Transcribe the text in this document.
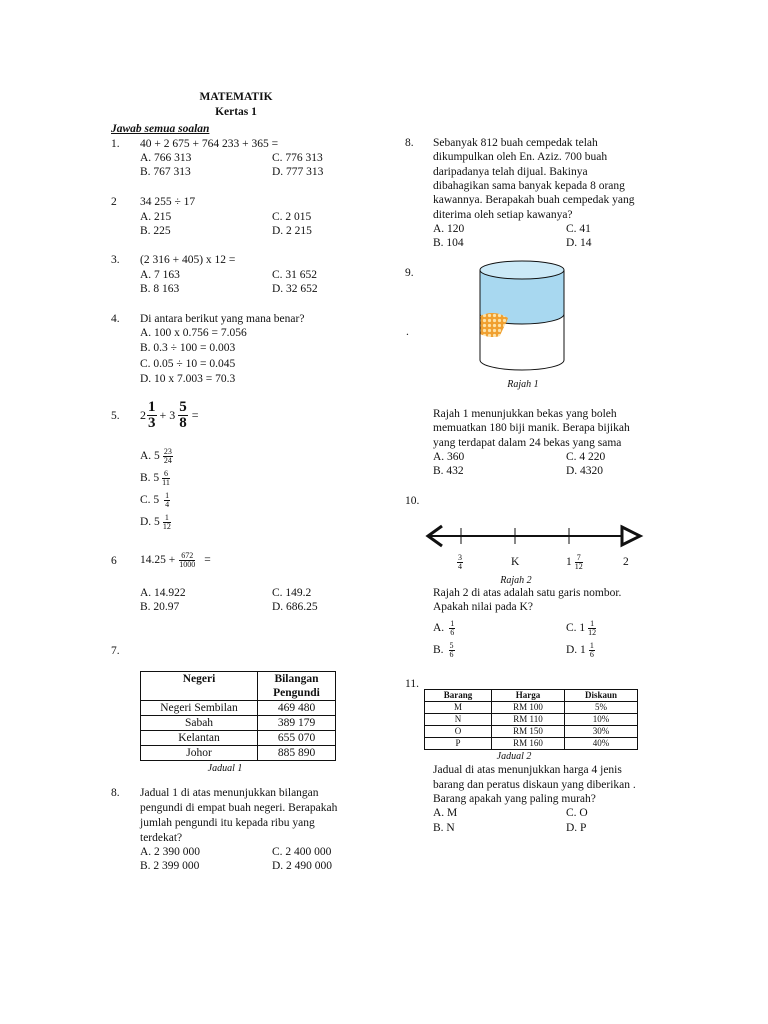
MATEMATIK
Kertas 1
Jawab semua soalan
1. 40 + 2 675 + 764 233 + 365 =
A. 766 313	C. 776 313
B. 767 313	D. 777 313
2 34 255 ÷ 17
A. 215	C. 2 015
B. 225	D. 2 215
3. (2 316 + 405) x 12 =
A. 7 163	C. 31 652
B. 8 163	D. 32 652
4. Di antara berikut yang mana benar?
A. 100 x 0.756 = 7.056
B. 0.3 ÷ 100 = 0.003
C. 0.05 ÷ 10 = 0.045
D. 10 x 7.003 = 70.3
5. $2 \frac{1}{3} + 3 \frac{5}{8}$ =
A. $5 \frac{23}{24}$
B. $5 \frac{6}{11}$
C. $5 \frac{1}{4}$
D. $5 \frac{1}{12}$
6 $14.25 + \frac{672}{1000}$ =
A. 14.922	C. 149.2
B. 20.97	D. 686.25
7.
Negeri	Bilangan Pengundi
Negeri Sembilan	469 480
Sabah	389 179
Kelantan	655 070
Johor	885 890
Jadual 1
8. Jadual 1 di atas menunjukkan bilangan
pengundi di empat buah negeri. Berapakah
jumlah pengundi itu kepada ribu yang
terdekat?
A. 2 390 000	C. 2 400 000
B. 2 399 000	D. 2 490 000
8. Sebanyak 812 buah cempedak telah
dikumpulkan oleh En. Aziz. 700 buah
daripadanya telah dijual. Bakinya
dibahagikan sama banyak kepada 8 orang
kawannya. Berapakah buah cempedak yang
diterima oleh setiap kawanya?
A. 120	C. 41
B. 104	D. 14
9.
.
Rajah 1
Rajah 1 menunjukkan bekas yang boleh
memuatkan 180 biji manik. Berapa bijikah
yang terdapat dalam 24 bekas yang sama
A. 360	C. 4 220
B. 432	D. 4320
10.
$\frac{3}{4}$	K	$1 \frac{7}{12}$	2
Rajah 2
Rajah 2 di atas adalah satu garis nombor.
Apakah nilai pada K?
A. $\frac{1}{6}$	C. $1 \frac{1}{12}$
B. $\frac{5}{6}$	D. $1 \frac{1}{6}$
11.
Barang	Harga	Diskaun
M	RM 100	5%
N	RM 110	10%
O	RM 150	30%
P	RM 160	40%
Jadual 2
Jadual di atas menunjukkan harga 4 jenis
barang dan peratus diskaun yang diberikan .
Barang apakah yang paling murah?
A. M	C. O
B. N	D. P
